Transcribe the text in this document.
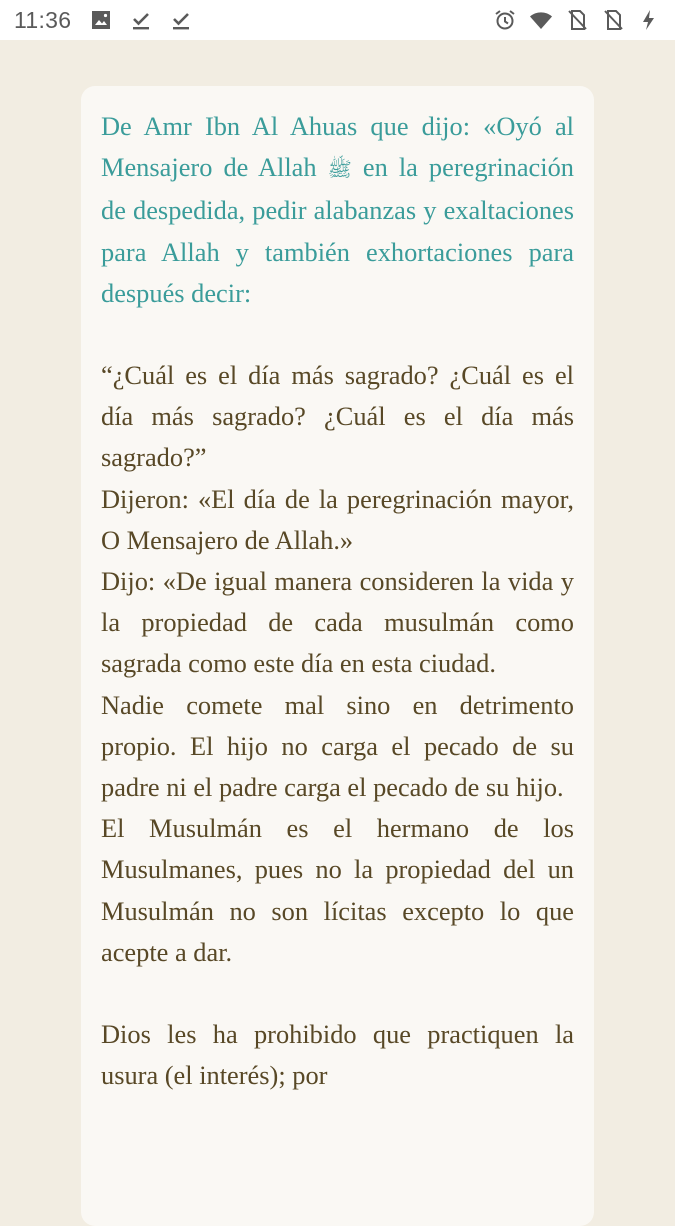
11:36

De Amr Ibn Al Ahuas que dijo: «Oyó al Mensajero de Allah ﷺ en la peregrinación de despedida, pedir alabanzas y exaltaciones para Allah y también exhortaciones para después decir:

“¿Cuál es el día más sagrado? ¿Cuál es el día más sagrado? ¿Cuál es el día más sagrado?”

Dijeron: «El día de la peregrinación mayor, O Mensajero de Allah.»

Dijo: «De igual manera consideren la vida y la propiedad de cada musulmán como sagrada como este día en esta ciudad.

Nadie comete mal sino en detrimento propio. El hijo no carga el pecado de su padre ni el padre carga el pecado de su hijo.

El Musulmán es el hermano de los Musulmanes, pues no la propiedad del un Musulmán no son lícitas excepto lo que acepte a dar.

Dios les ha prohibido que practiquen la usura (el interés); por
